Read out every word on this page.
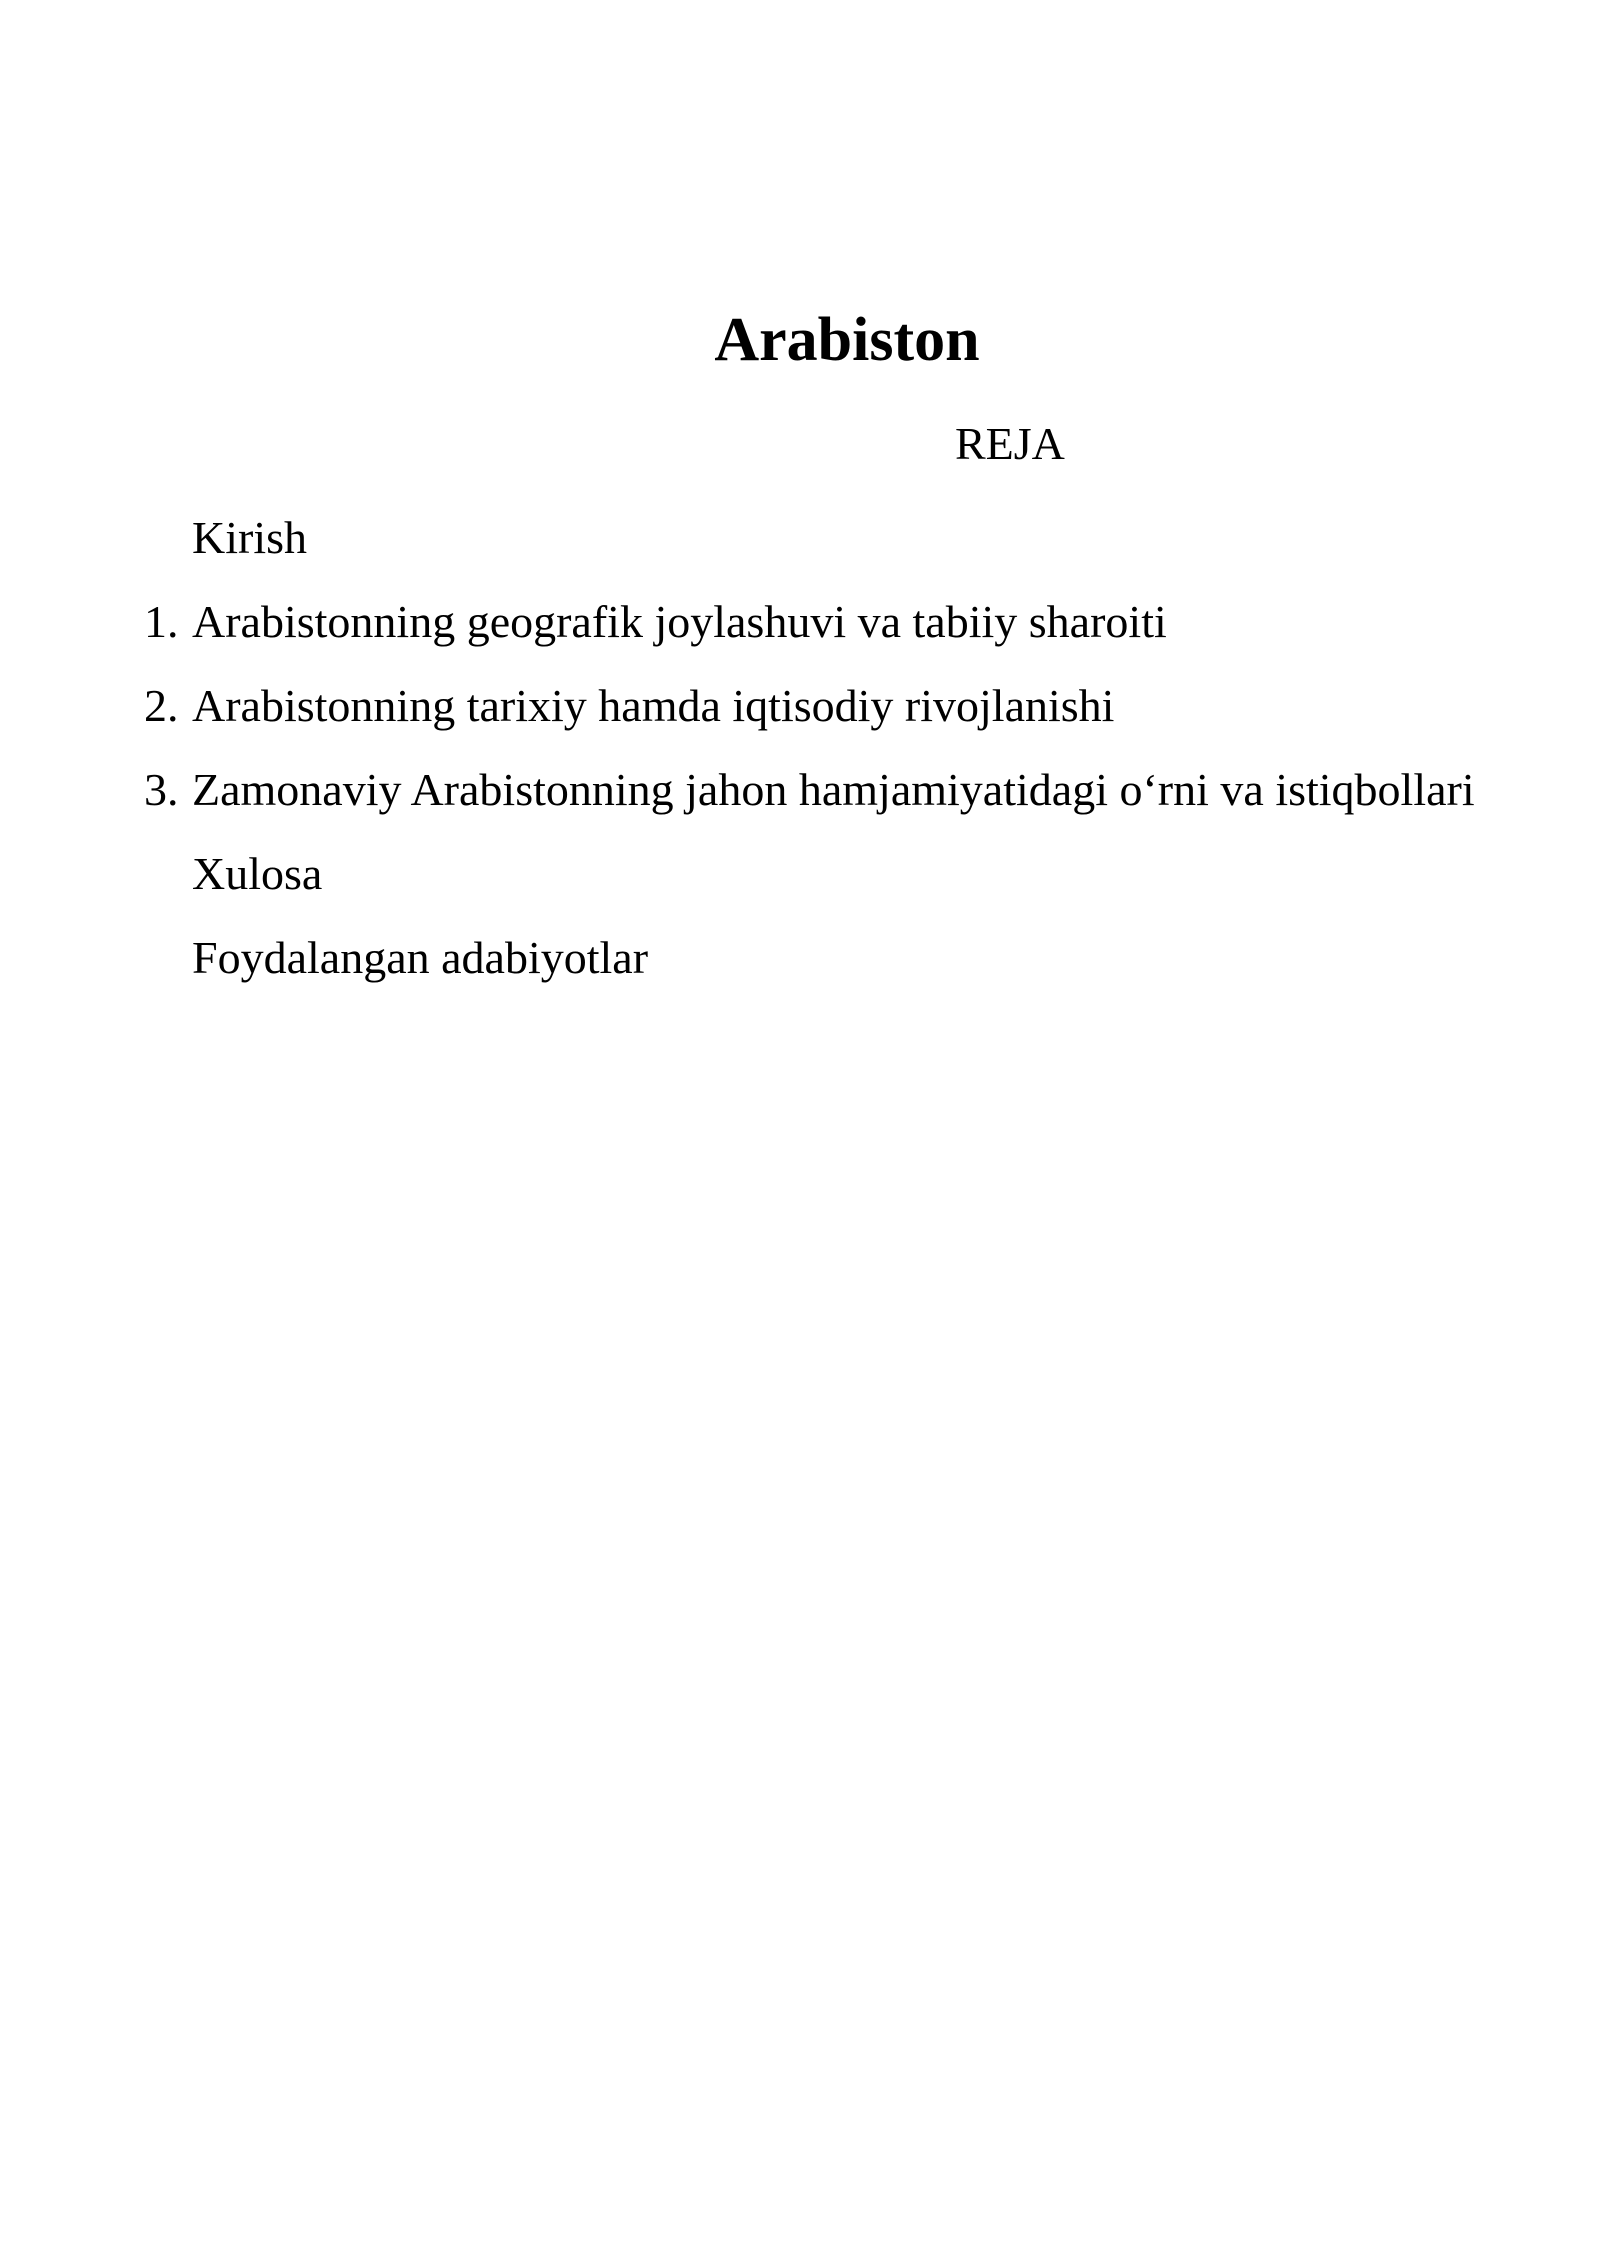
Arabiston
REJA
Kirish
1. Arabistonning geografik joylashuvi va tabiiy sharoiti
2. Arabistonning tarixiy hamda iqtisodiy rivojlanishi
3. Zamonaviy Arabistonning jahon hamjamiyatidagi o‘rni va istiqbollari
Xulosa
Foydalangan adabiyotlar
